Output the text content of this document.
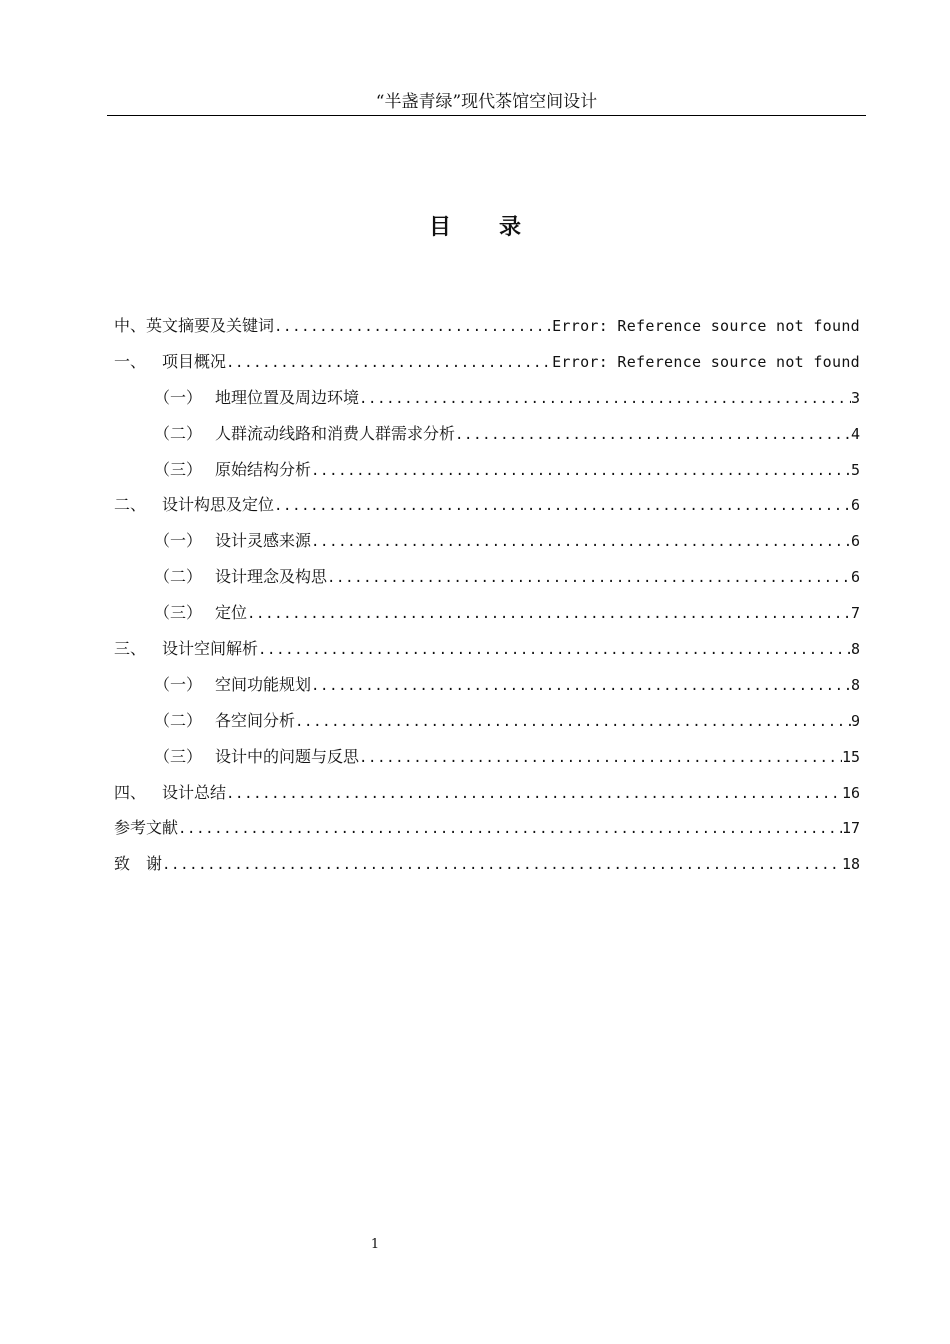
“半盏青绿”现代茶馆空间设计
目录
中、英文摘要及关键词 .....	Error: Reference source not found
一、 项目概况 .....	Error: Reference source not found
（一） 地理位置及周边环境 .....	3
（二） 人群流动线路和消费人群需求分析 .....	4
（三） 原始结构分析 .....	5
二、 设计构思及定位 .....	6
（一） 设计灵感来源 .....	6
（二） 设计理念及构思 .....	6
（三） 定位 .....	7
三、 设计空间解析 .....	8
（一） 空间功能规划 .....	8
（二） 各空间分析 .....	9
（三） 设计中的问题与反思 .....	15
四、 设计总结 .....	16
参考文献 .....	17
致　谢 .....	18
1
